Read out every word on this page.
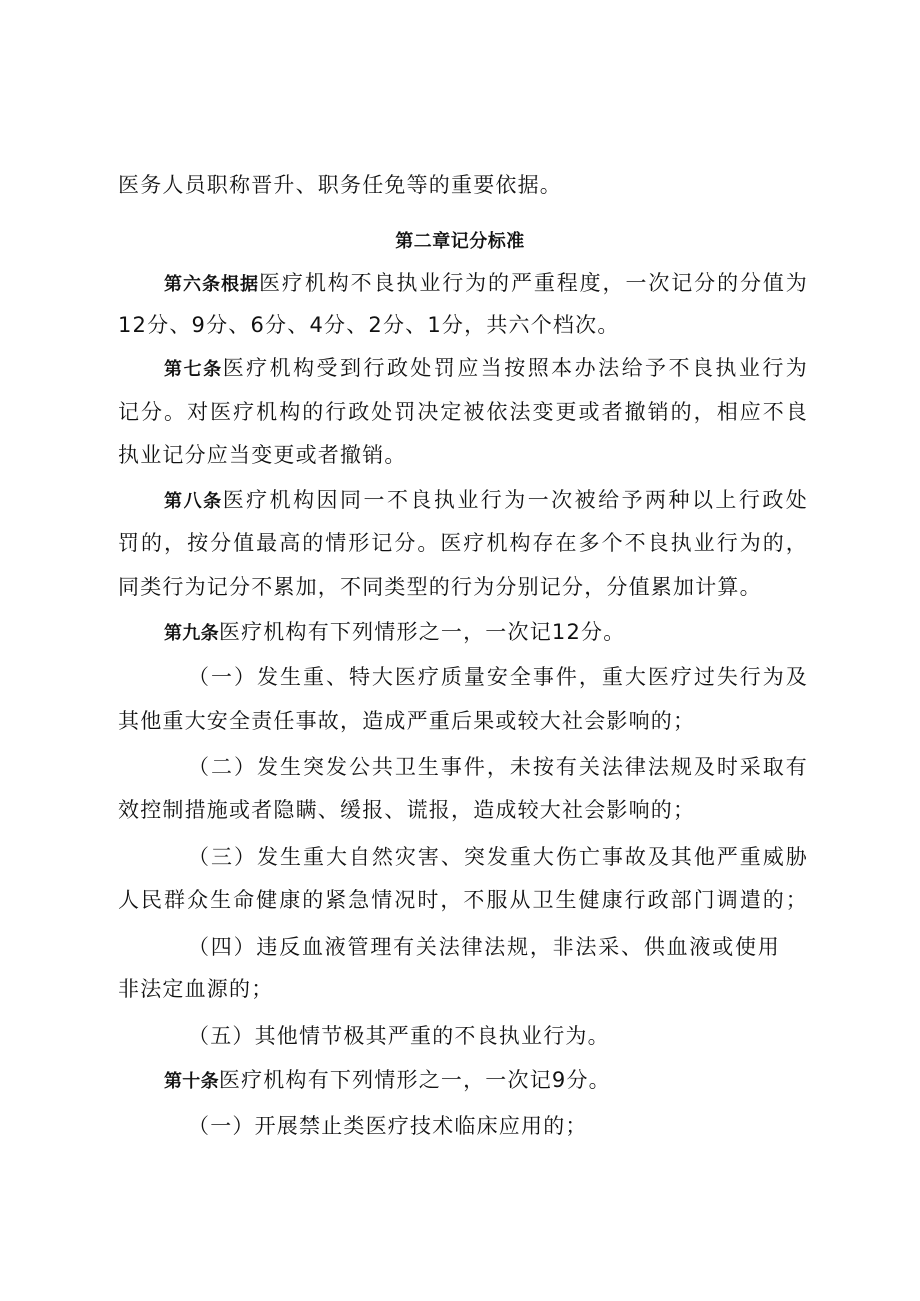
医务人员职称晋升、职务任免等的重要依据。
第二章记分标准
第六条根据医疗机构不良执业行为的严重程度，一次记分的分值为
12分、9分、6分、4分、2分、1分，共六个档次。
第七条医疗机构受到行政处罚应当按照本办法给予不良执业行为
记分。对医疗机构的行政处罚决定被依法变更或者撤销的，相应不良
执业记分应当变更或者撤销。
第八条医疗机构因同一不良执业行为一次被给予两种以上行政处
罚的，按分值最高的情形记分。医疗机构存在多个不良执业行为的，
同类行为记分不累加，不同类型的行为分别记分，分值累加计算。
第九条医疗机构有下列情形之一，一次记12分。
（一）发生重、特大医疗质量安全事件，重大医疗过失行为及
其他重大安全责任事故，造成严重后果或较大社会影响的；
（二）发生突发公共卫生事件，未按有关法律法规及时采取有
效控制措施或者隐瞒、缓报、谎报，造成较大社会影响的；
（三）发生重大自然灾害、突发重大伤亡事故及其他严重威胁
人民群众生命健康的紧急情况时，不服从卫生健康行政部门调遣的；
（四）违反血液管理有关法律法规，非法采、供血液或使用
非法定血源的；
（五）其他情节极其严重的不良执业行为。
第十条医疗机构有下列情形之一，一次记9分。
（一）开展禁止类医疗技术临床应用的；
